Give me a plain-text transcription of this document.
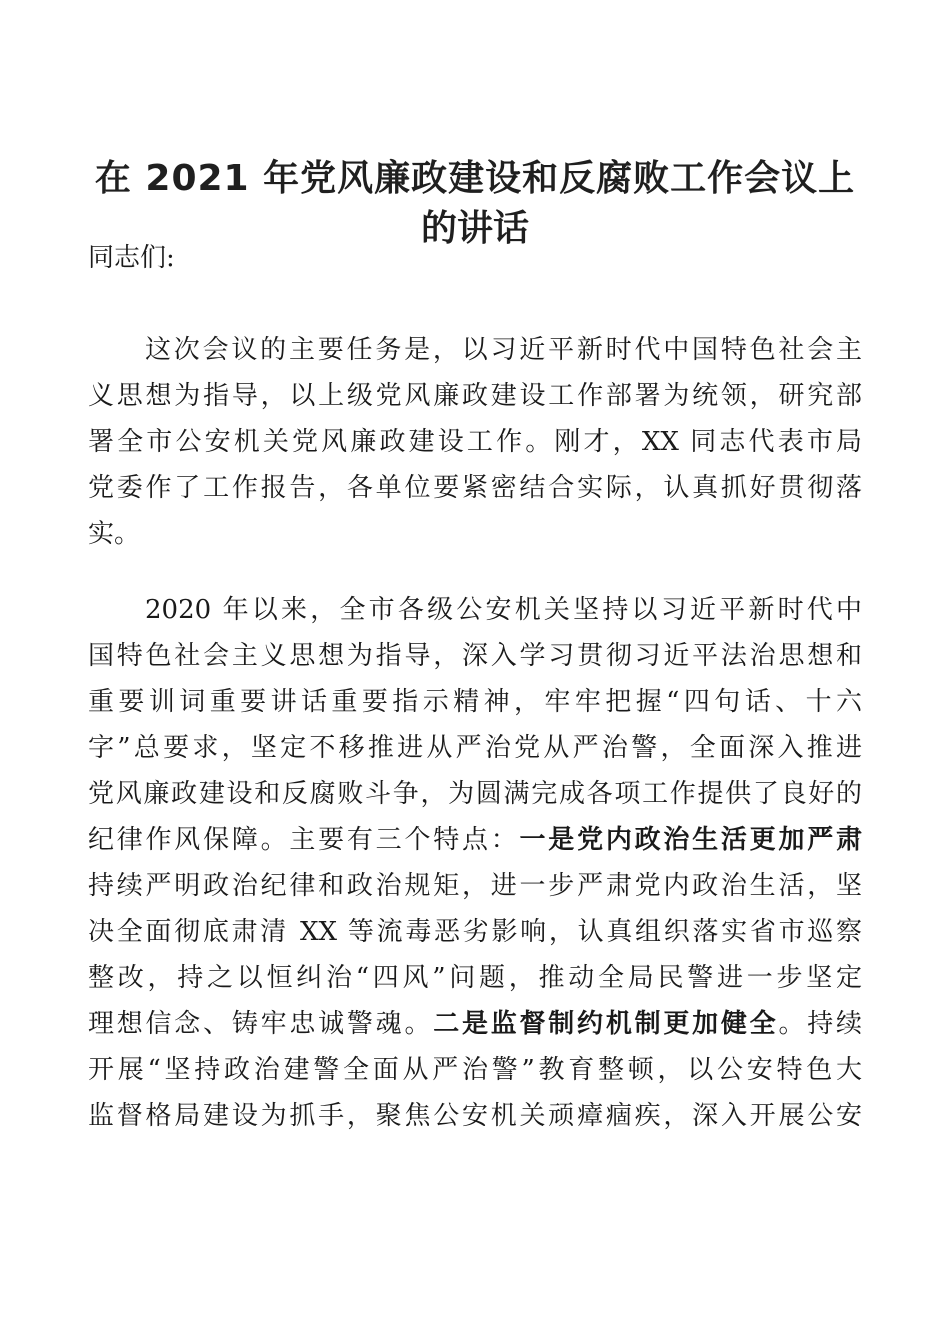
在 2021 年党风廉政建设和反腐败工作会议上
的讲话
同志们:
这次会议的主要任务是，以习近平新时代中国特色社会主
义思想为指导，以上级党风廉政建设工作部署为统领，研究部
署全市公安机关党风廉政建设工作。刚才，XX 同志代表市局
党委作了工作报告，各单位要紧密结合实际，认真抓好贯彻落
实。
2020 年以来，全市各级公安机关坚持以习近平新时代中
国特色社会主义思想为指导，深入学习贯彻习近平法治思想和
重要训词重要讲话重要指示精神，牢牢把握“四句话、十六
字”总要求，坚定不移推进从严治党从严治警，全面深入推进
党风廉政建设和反腐败斗争，为圆满完成各项工作提供了良好的
纪律作风保障。主要有三个特点：一是党内政治生活更加严肃
持续严明政治纪律和政治规矩，进一步严肃党内政治生活，坚
决全面彻底肃清 XX 等流毒恶劣影响，认真组织落实省市巡察
整改，持之以恒纠治“四风”问题，推动全局民警进一步坚定
理想信念、铸牢忠诚警魂。二是监督制约机制更加健全。持续
开展“坚持政治建警全面从严治警”教育整顿，以公安特色大
监督格局建设为抓手，聚焦公安机关顽瘴痼疾，深入开展公安
